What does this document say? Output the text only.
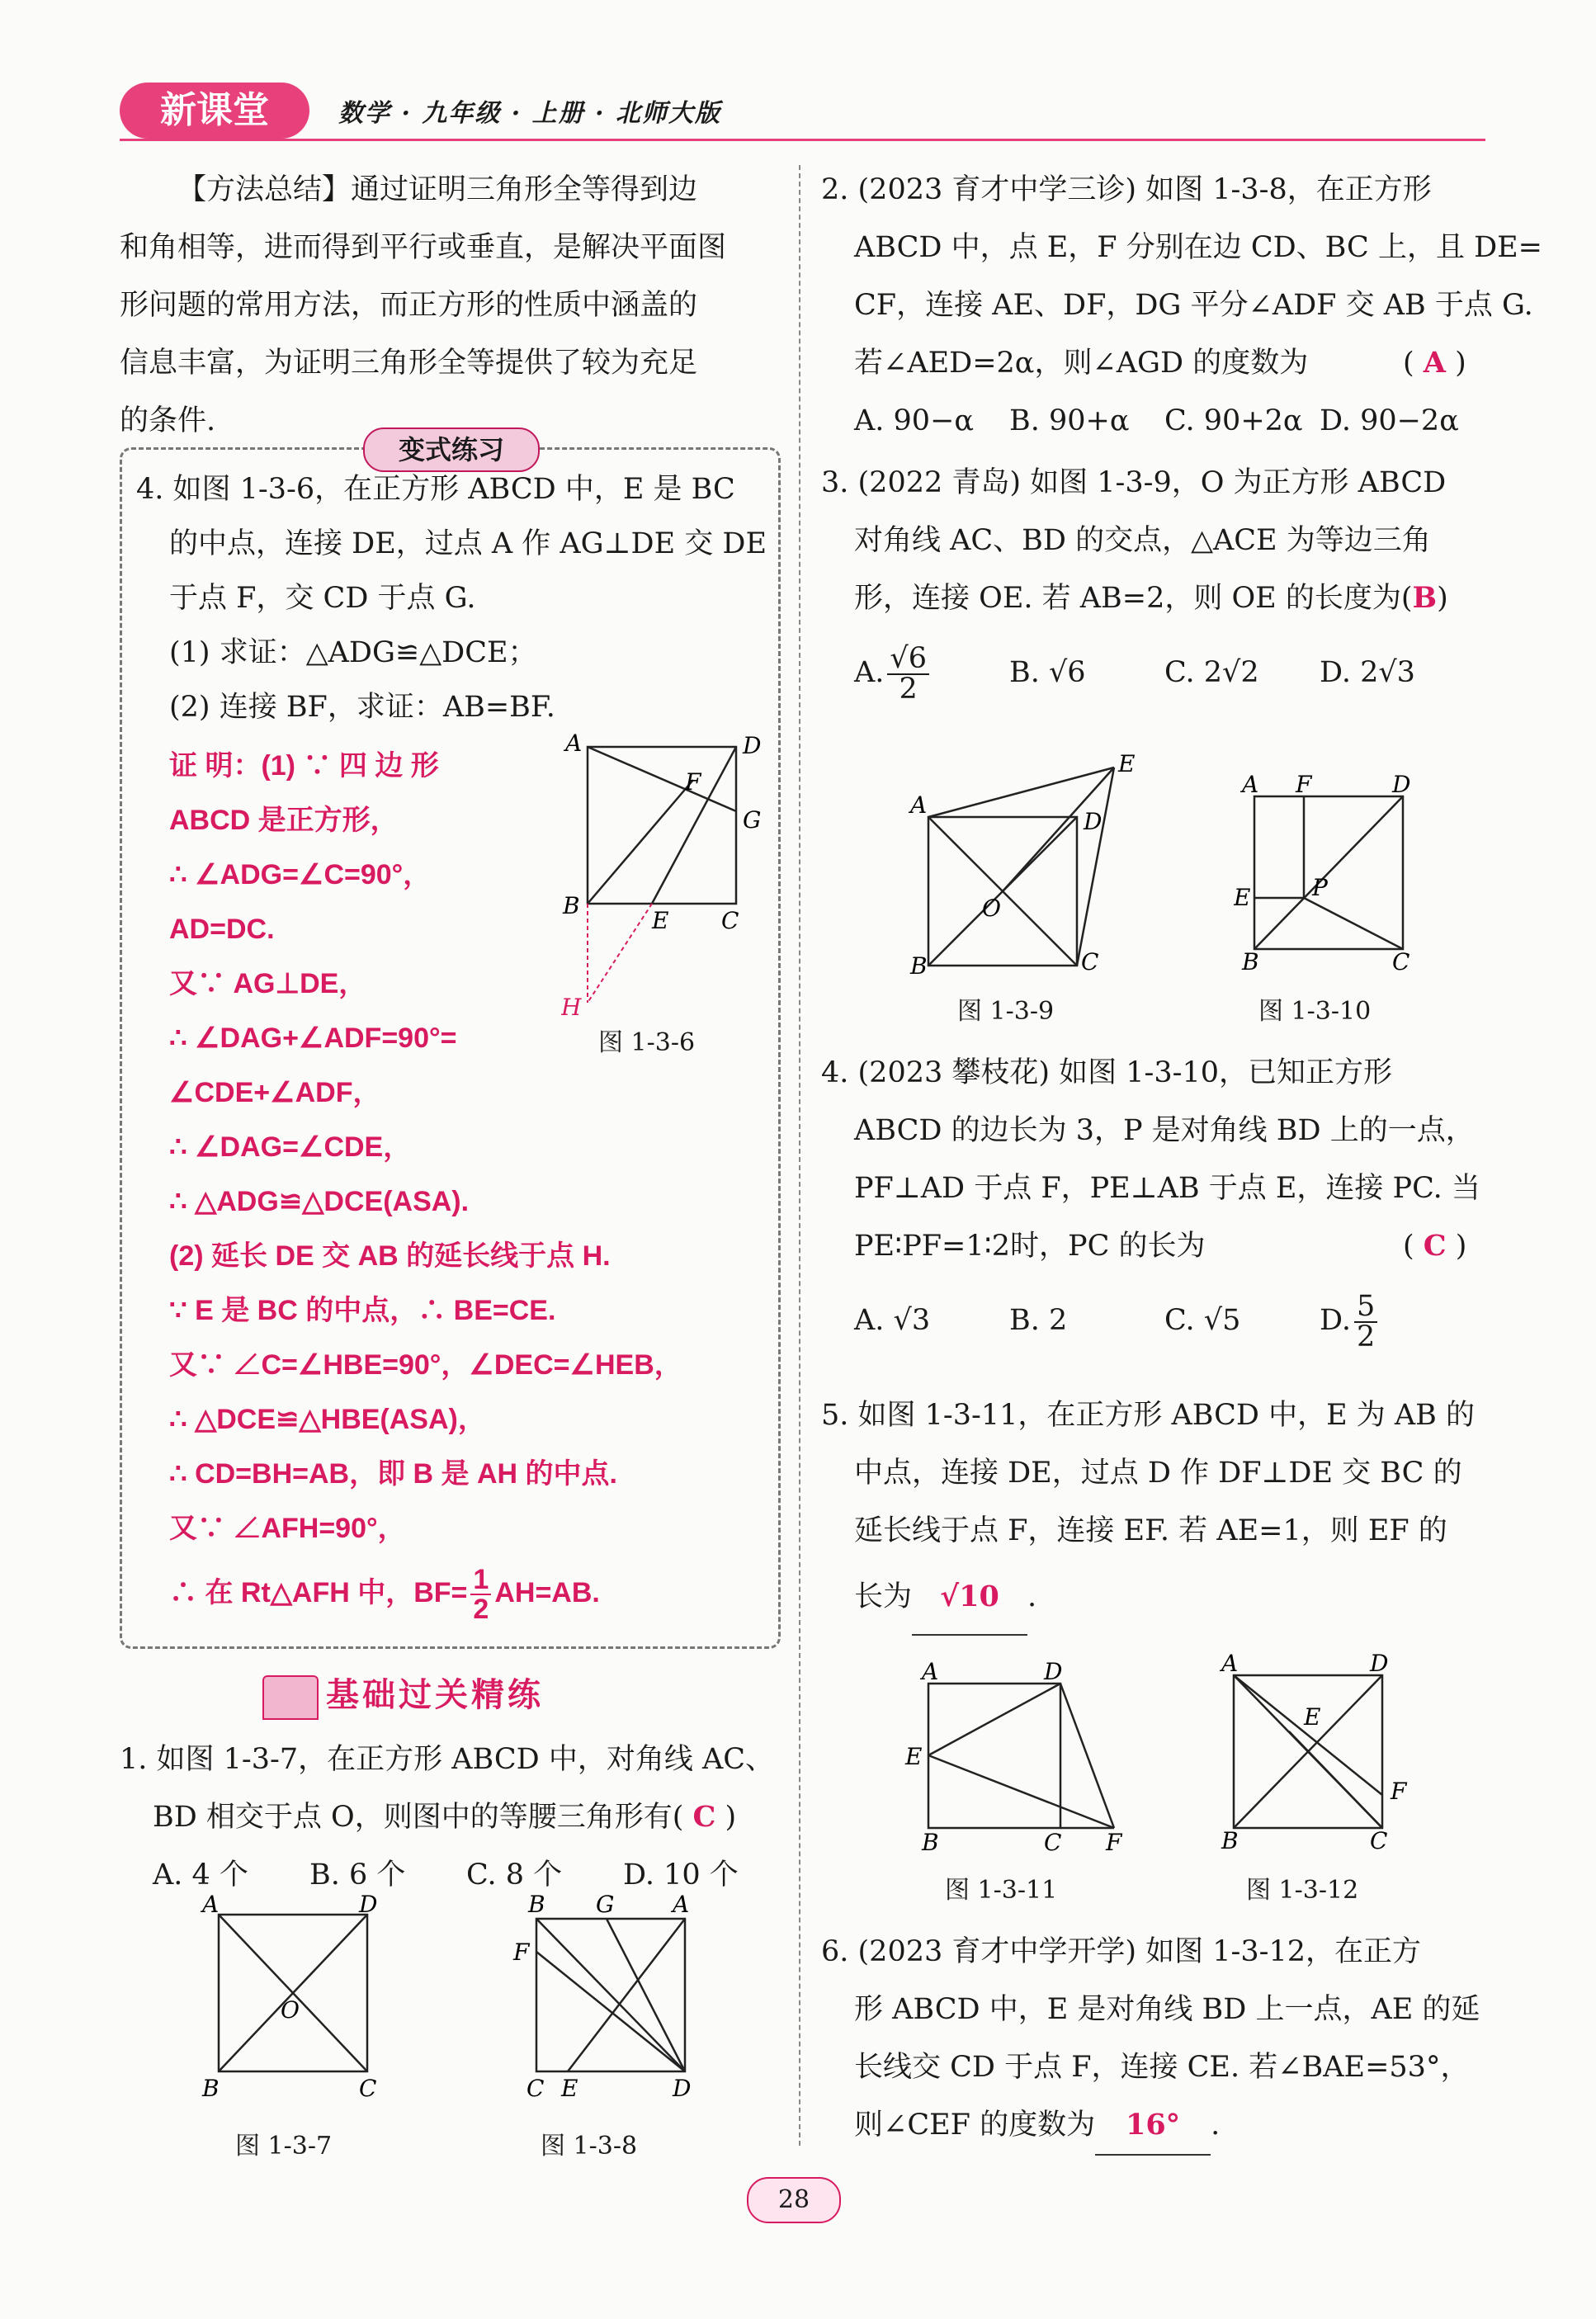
新课堂	数学 · 九年级 · 上册 · 北师大版
【方法总结】通过证明三角形全等得到边
和角相等，进而得到平行或垂直，是解决平面图
形问题的常用方法，而正方形的性质中涵盖的
信息丰富，为证明三角形全等提供了较为充足
的条件.
变式练习
4. 如图 1-3-6，在正方形 ABCD 中，E 是 BC
的中点，连接 DE，过点 A 作 AG⊥DE 交 DE
于点 F，交 CD 于点 G.
(1) 求证：△ADG≌△DCE；
(2) 连接 BF，求证：AB=BF.
证 明：(1) ∵ 四 边 形
ABCD 是正方形，
∴ ∠ADG=∠C=90°，
AD=DC.
又∵ AG⊥DE，
∴ ∠DAG+∠ADF=90°=
∠CDE+∠ADF，
∴ ∠DAG=∠CDE，
∴ △ADG≌△DCE(ASA).
(2) 延长 DE 交 AB 的延长线于点 H.
∵ E 是 BC 的中点，∴ BE=CE.
又∵ ∠C=∠HBE=90°，∠DEC=∠HEB，
∴ △DCE≌△HBE(ASA)，
∴ CD=BH=AB，即 B 是 AH 的中点.
又∵ ∠AFH=90°，
∴ 在 Rt△AFH 中，$BF= \frac{1}{2} AH=AB$.
A	D
F
G
B
E C
H
图 1-3-6
基础过关精练
1. 如图 1-3-7，在正方形 ABCD 中，对角线 AC、
BD 相交于点 O，则图中的等腰三角形有( C )
A. 4 个 B. 6 个 C. 8 个 D. 10 个
A	D
O
B	C
图 1-3-7
B G	A
F
C E	D
图 1-3-8
2. (2023 育才中学三诊) 如图 1-3-8，在正方形
ABCD 中，点 E，F 分别在边 CD、BC 上，且 DE=
CF，连接 AE、DF，DG 平分∠ADF 交 AB 于点 G.
若∠AED=2α，则∠AGD 的度数为	( A )
A. 90−α B. 90+α C. 90+2α D. 90−2α
3. (2022 青岛) 如图 1-3-9，O 为正方形 ABCD
对角线 AC、BD 的交点，△ACE 为等边三角
形，连接 OE. 若 AB=2，则 OE 的长度为(B)
A. $\frac{√6}{2}$	B. √6	C. 2√2 D. 2√3
A
D
E
O
B	C
图 1-3-9
A F	D
E	P
B	C
图 1-3-10
4. (2023 攀枝花) 如图 1-3-10，已知正方形
ABCD 的边长为 3，P 是对角线 BD 上的一点，
PF⊥AD 于点 F，PE⊥AB 于点 E，连接 PC. 当
PE∶PF=1∶2时，PC 的长为	( C )
A. √3	B. 2	C. √5	D. $\frac{5}{2}$
5. 如图 1-3-11，在正方形 ABCD 中，E 为 AB 的
中点，连接 DE，过点 D 作 DF⊥DE 交 BC 的
延长线于点 F，连接 EF. 若 AE=1，则 EF 的
长为 √10 .
A	D
E
B	C F
图 1-3-11
A	D
E
F
B	C
图 1-3-12
6. (2023 育才中学开学) 如图 1-3-12，在正方
形 ABCD 中，E 是对角线 BD 上一点，AE 的延
长线交 CD 于点 F，连接 CE. 若∠BAE=53°，
则∠CEF 的度数为 16° .
28
